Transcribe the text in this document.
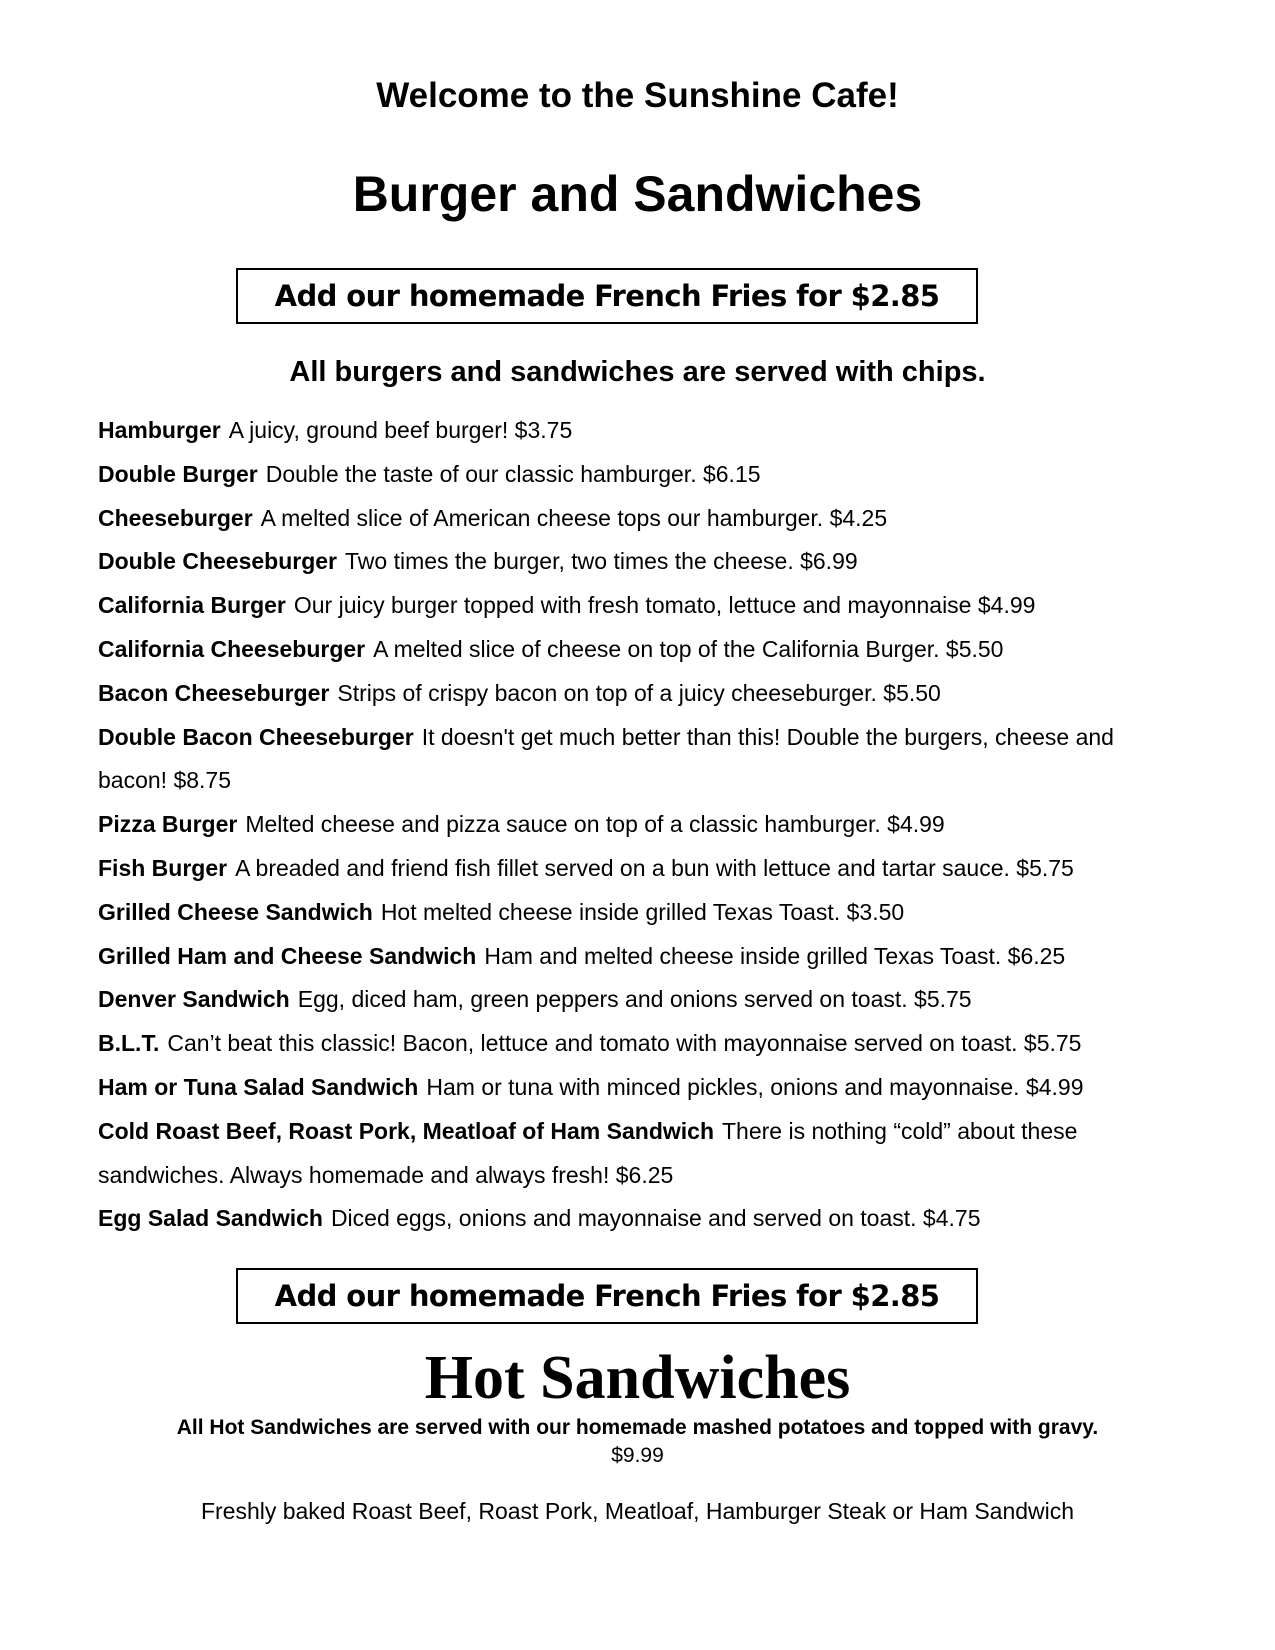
Welcome to the Sunshine Cafe!
Burger and Sandwiches
Add our homemade French Fries for $2.85
All burgers and sandwiches are served with chips.
Hamburger A juicy, ground beef burger! $3.75
Double Burger Double the taste of our classic hamburger. $6.15
Cheeseburger A melted slice of American cheese tops our hamburger. $4.25
Double Cheeseburger Two times the burger, two times the cheese. $6.99
California Burger Our juicy burger topped with fresh tomato, lettuce and mayonnaise $4.99
California Cheeseburger A melted slice of cheese on top of the California Burger. $5.50
Bacon Cheeseburger Strips of crispy bacon on top of a juicy cheeseburger. $5.50
Double Bacon Cheeseburger It doesn't get much better than this! Double the burgers, cheese and bacon! $8.75
Pizza Burger Melted cheese and pizza sauce on top of a classic hamburger. $4.99
Fish Burger A breaded and friend fish fillet served on a bun with lettuce and tartar sauce. $5.75
Grilled Cheese Sandwich Hot melted cheese inside grilled Texas Toast. $3.50
Grilled Ham and Cheese Sandwich Ham and melted cheese inside grilled Texas Toast. $6.25
Denver Sandwich Egg, diced ham, green peppers and onions served on toast. $5.75
B.L.T. Can’t beat this classic! Bacon, lettuce and tomato with mayonnaise served on toast. $5.75
Ham or Tuna Salad Sandwich Ham or tuna with minced pickles, onions and mayonnaise. $4.99
Cold Roast Beef, Roast Pork, Meatloaf of Ham Sandwich There is nothing “cold” about these sandwiches. Always homemade and always fresh! $6.25
Egg Salad Sandwich Diced eggs, onions and mayonnaise and served on toast. $4.75
Add our homemade French Fries for $2.85
Hot Sandwiches
All Hot Sandwiches are served with our homemade mashed potatoes and topped with gravy.
$9.99
Freshly baked Roast Beef, Roast Pork, Meatloaf, Hamburger Steak or Ham Sandwich
